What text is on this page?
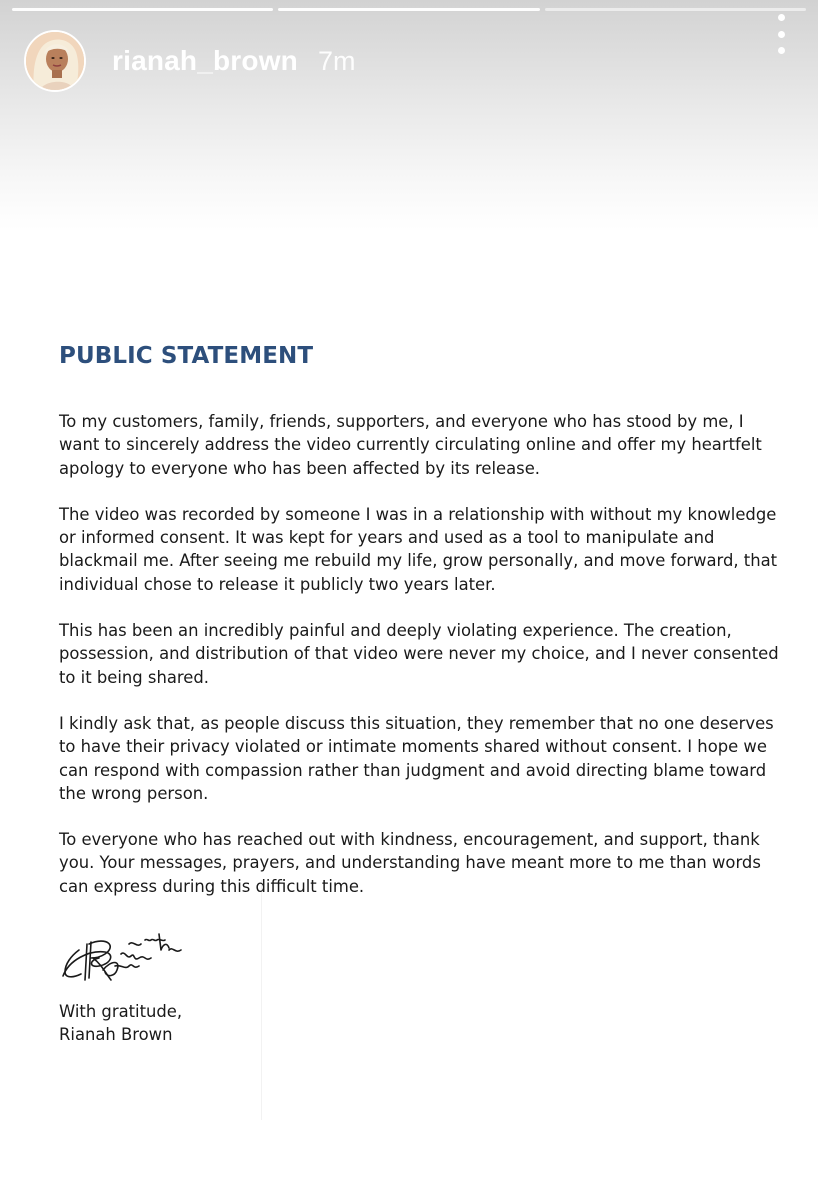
rianah_brown 7m
PUBLIC STATEMENT

To my customers, family, friends, supporters, and everyone who has stood by me, I
want to sincerely address the video currently circulating online and offer my heartfelt
apology to everyone who has been affected by its release.

The video was recorded by someone I was in a relationship with without my knowledge
or informed consent. It was kept for years and used as a tool to manipulate and
blackmail me. After seeing me rebuild my life, grow personally, and move forward, that
individual chose to release it publicly two years later.

This has been an incredibly painful and deeply violating experience. The creation,
possession, and distribution of that video were never my choice, and I never consented
to it being shared.

I kindly ask that, as people discuss this situation, they remember that no one deserves
to have their privacy violated or intimate moments shared without consent. I hope we
can respond with compassion rather than judgment and avoid directing blame toward
the wrong person.

To everyone who has reached out with kindness, encouragement, and support, thank
you. Your messages, prayers, and understanding have meant more to me than words
can express during this difficult time.

With gratitude,
Rianah Brown
